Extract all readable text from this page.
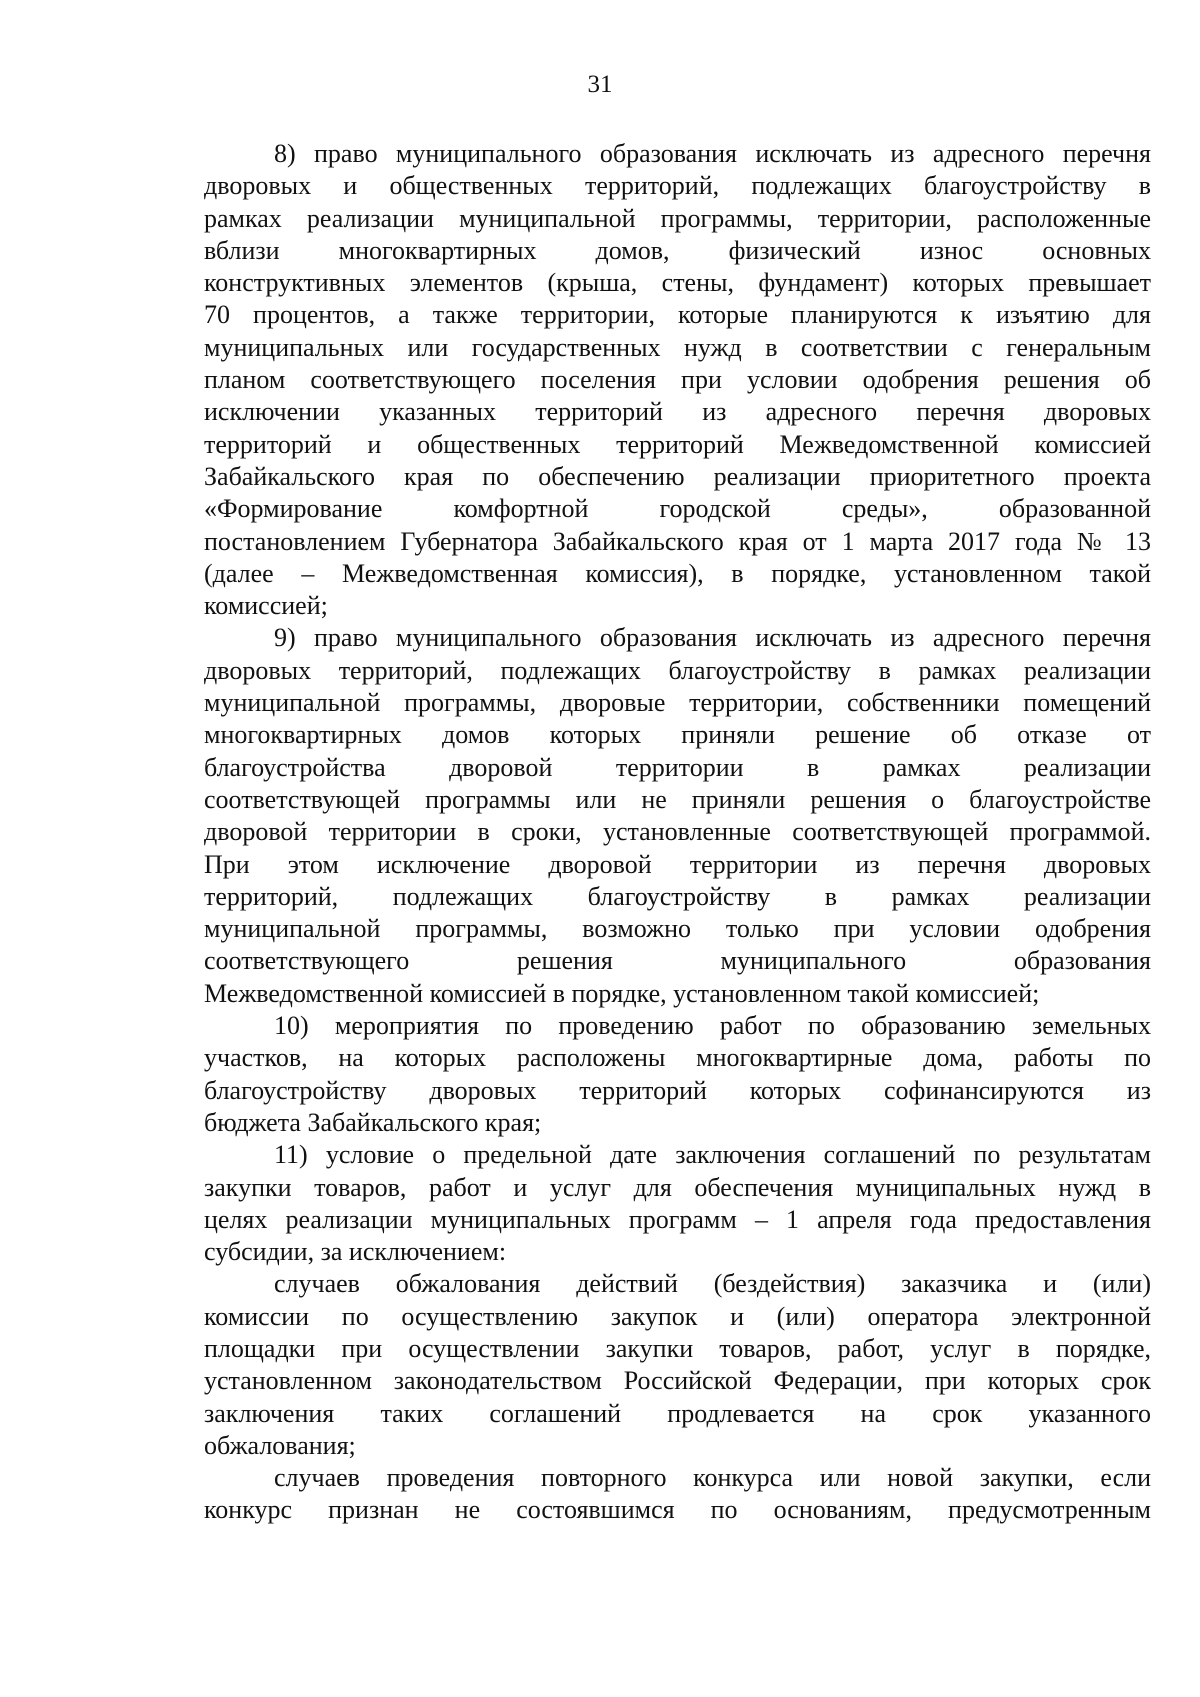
31
8) право муниципального образования исключать из адресного перечня
дворовых и общественных территорий, подлежащих благоустройству в
рамках реализации муниципальной программы, территории, расположенные
вблизи многоквартирных домов, физический износ основных
конструктивных элементов (крыша, стены, фундамент) которых превышает
70 процентов, а также территории, которые планируются к изъятию для
муниципальных или государственных нужд в соответствии с генеральным
планом соответствующего поселения при условии одобрения решения об
исключении указанных территорий из адресного перечня дворовых
территорий и общественных территорий Межведомственной комиссией
Забайкальского края по обеспечению реализации приоритетного проекта
«Формирование комфортной городской среды», образованной
постановлением Губернатора Забайкальского края от 1 марта 2017 года № 13
(далее – Межведомственная комиссия), в порядке, установленном такой
комиссией;
9) право муниципального образования исключать из адресного перечня
дворовых территорий, подлежащих благоустройству в рамках реализации
муниципальной программы, дворовые территории, собственники помещений
многоквартирных домов которых приняли решение об отказе от
благоустройства дворовой территории в рамках реализации
соответствующей программы или не приняли решения о благоустройстве
дворовой территории в сроки, установленные соответствующей программой.
При этом исключение дворовой территории из перечня дворовых
территорий, подлежащих благоустройству в рамках реализации
муниципальной программы, возможно только при условии одобрения
соответствующего решения муниципального образования
Межведомственной комиссией в порядке, установленном такой комиссией;
10) мероприятия по проведению работ по образованию земельных
участков, на которых расположены многоквартирные дома, работы по
благоустройству дворовых территорий которых софинансируются из
бюджета Забайкальского края;
11) условие о предельной дате заключения соглашений по результатам
закупки товаров, работ и услуг для обеспечения муниципальных нужд в
целях реализации муниципальных программ – 1 апреля года предоставления
субсидии, за исключением:
случаев обжалования действий (бездействия) заказчика и (или)
комиссии по осуществлению закупок и (или) оператора электронной
площадки при осуществлении закупки товаров, работ, услуг в порядке,
установленном законодательством Российской Федерации, при которых срок
заключения таких соглашений продлевается на срок указанного
обжалования;
случаев проведения повторного конкурса или новой закупки, если
конкурс признан не состоявшимся по основаниям, предусмотренным
